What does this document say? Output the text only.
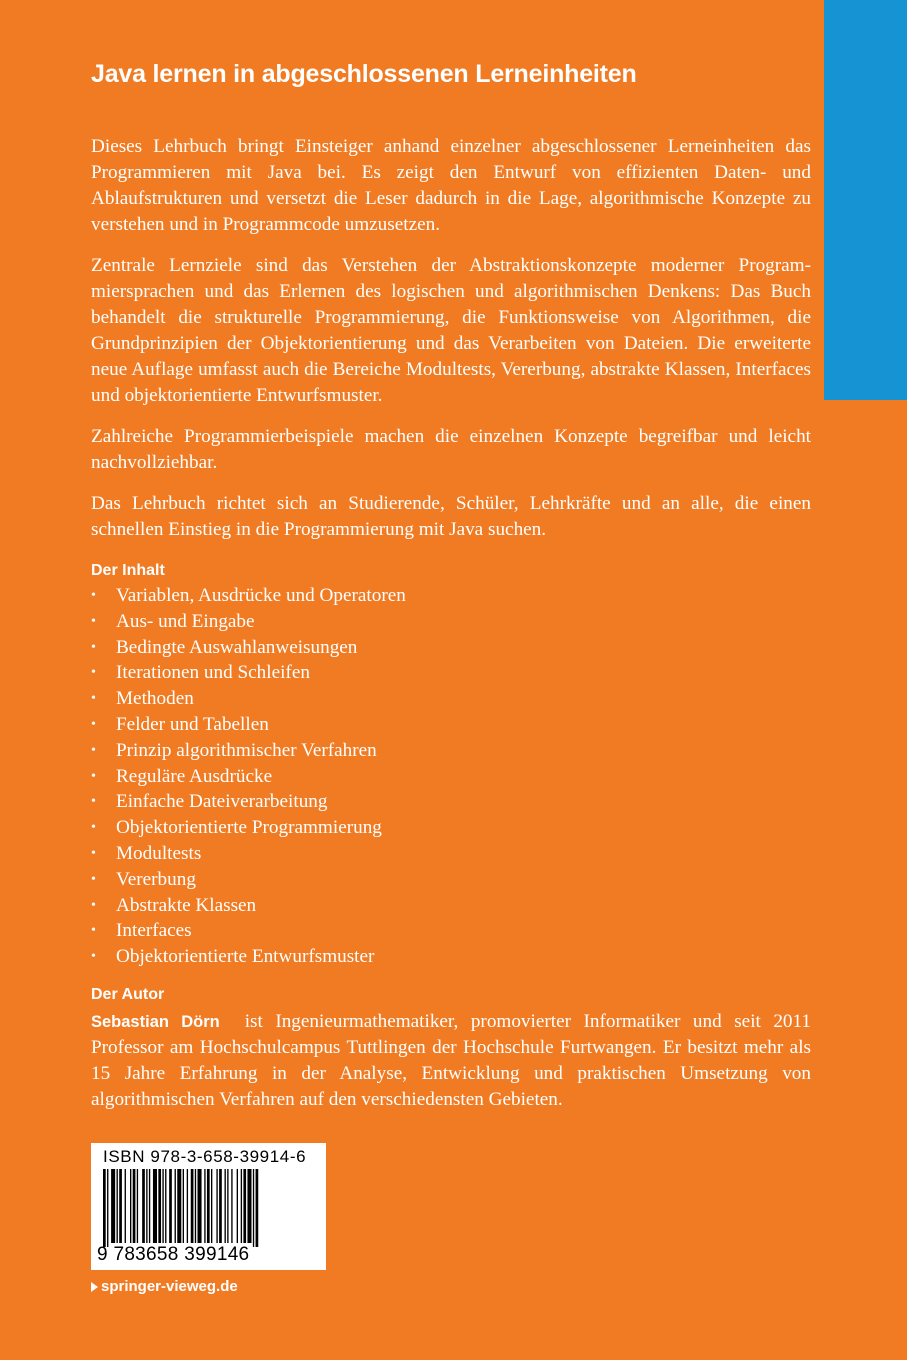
Java lernen in abgeschlossenen Lerneinheiten

Dieses Lehrbuch bringt Einsteiger anhand einzelner abgeschlossener Lerneinheiten das Programmieren mit Java bei. Es zeigt den Entwurf von effizienten Daten- und Ablaufstrukturen und versetzt die Leser dadurch in die Lage, algorithmische Konzepte zu verstehen und in Programmcode umzusetzen.

Zentrale Lernziele sind das Verstehen der Abstraktionskonzepte moderner Programmiersprachen und das Erlernen des logischen und algorithmischen Denkens: Das Buch behandelt die strukturelle Programmierung, die Funktionsweise von Algorithmen, die Grundprinzipien der Objektorientierung und das Verarbeiten von Dateien. Die erweiterte neue Auflage umfasst auch die Bereiche Modultests, Vererbung, abstrakte Klassen, Interfaces und objektorientierte Entwurfsmuster.

Zahlreiche Programmierbeispiele machen die einzelnen Konzepte begreifbar und leicht nachvollziehbar.

Das Lehrbuch richtet sich an Studierende, Schüler, Lehrkräfte und an alle, die einen schnellen Einstieg in die Programmierung mit Java suchen.

Der Inhalt
• Variablen, Ausdrücke und Operatoren
• Aus- und Eingabe
• Bedingte Auswahlanweisungen
• Iterationen und Schleifen
• Methoden
• Felder und Tabellen
• Prinzip algorithmischer Verfahren
• Reguläre Ausdrücke
• Einfache Dateiverarbeitung
• Objektorientierte Programmierung
• Modultests
• Vererbung
• Abstrakte Klassen
• Interfaces
• Objektorientierte Entwurfsmuster
Der Autor

Sebastian Dörn ist Ingenieurmathematiker, promovierter Informatiker und seit 2011 Professor am Hochschulcampus Tuttlingen der Hochschule Furtwangen. Er besitzt mehr als 15 Jahre Erfahrung in der Analyse, Entwicklung und praktischen Umsetzung von algorithmischen Verfahren auf den verschiedensten Gebieten.

ISBN 978-3-658-39914-6
9 783658 399146
springer-vieweg.de
